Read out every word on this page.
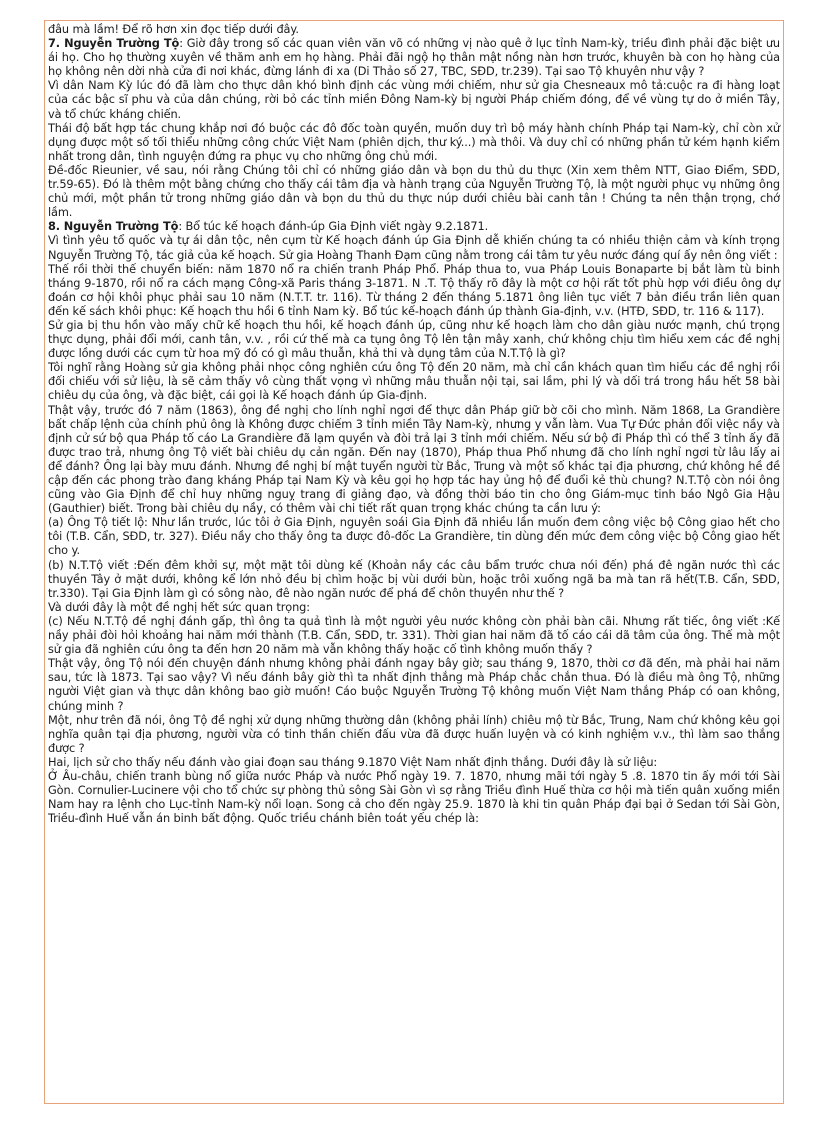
đâu mà lầm! Để rõ hơn xin đọc tiếp dưới đây.

7. Nguyễn Trường Tộ: Giờ đây trong số các quan viên văn võ có những vị nào quê ở lục tỉnh Nam-kỳ, triều đình phải đặc biệt ưu ái họ. Cho họ thường xuyên về thăm anh em họ hàng. Phải đãi ngộ họ thân mật nồng nàn hơn trước, khuyên bà con họ hàng của họ không nên dời nhà cửa đi nơi khác, đừng lánh đi xa (Di Thảo số 27, TBC, SĐD, tr.239). Tại sao Tộ khuyên như vậy ?

Vì dân Nam Kỳ lúc đó đã làm cho thực dân khó bình định các vùng mới chiếm, như sử gia Chesneaux mô tả:cuộc ra đi hàng loạt của các bậc sĩ phu và của dân chúng, rời bỏ các tỉnh miền Đông Nam-kỳ bị người Pháp chiếm đóng, để về vùng tự do ở miền Tây, và tổ chức kháng chiến.

Thái độ bất hợp tác chung khắp nơi đó buộc các đô đốc toàn quyền, muốn duy trì bộ máy hành chính Pháp tại Nam-kỳ, chỉ còn xử dụng được một số tối thiểu những công chức Việt Nam (phiên dịch, thư ký...) mà thôi. Và duy chỉ có những phần tử kém hạnh kiểm nhất trong dân, tình nguyện đứng ra phục vụ cho những ông chủ mới.

Đề-đốc Rieunier, về sau, nói rằng Chúng tôi chỉ có những giáo dân và bọn du thủ du thực (Xin xem thêm NTT, Giao Điểm, SĐD, tr.59-65). Đó là thêm một bằng chứng cho thấy cái tâm địa và hành trạng của Nguyễn Trường Tộ, là một người phục vụ những ông chủ mới, một phần tử trong những giáo dân và bọn du thủ du thực núp dưới chiêu bài canh tân ! Chúng ta nên thận trọng, chớ lầm.

8. Nguyễn Trường Tộ: Bổ túc kế hoạch đánh-úp Gia Định viết ngày 9.2.1871.

Vì tình yêu tổ quốc và tự ái dân tộc, nên cụm từ Kế hoạch đánh úp Gia Định dễ khiến chúng ta có nhiều thiện cảm và kính trọng Nguyễn Trường Tộ, tác giả của kế hoạch. Sử gia Hoàng Thanh Đạm cũng nằm trong cái tâm tư yêu nước đáng quí ấy nên ông viết :

Thế rồi thời thế chuyển biến: năm 1870 nổ ra chiến tranh Pháp Phổ. Pháp thua to, vua Pháp Louis Bonaparte bị bắt làm tù binh tháng 9-1870, rồi nổ ra cách mạng Công-xã Paris tháng 3-1871. N .T. Tộ thấy rõ đây là một cơ hội rất tốt phù hợp với điều ông dự đoán cơ hội khôi phục phải sau 10 năm (N.T.T. tr. 116). Từ tháng 2 đến tháng 5.1871 ông liên tục viết 7 bản điều trần liên quan đến kế sách khôi phục: Kế hoạch thu hồi 6 tỉnh Nam kỳ. Bổ túc kế-hoạch đánh úp thành Gia-định, v.v. (HTĐ, SĐD, tr. 116 & 117).

Sử gia bị thu hồn vào mấy chữ kế hoạch thu hồi, kế hoạch đánh úp, cũng như kế hoạch làm cho dân giàu nước mạnh, chú trọng thực dụng, phải đổi mới, canh tân, v.v. , rồi cứ thế mà ca tụng ông Tộ lên tận mây xanh, chứ không chịu tìm hiểu xem các đề nghị được lồng dưới các cụm từ hoa mỹ đó có gì mâu thuẫn, khả thi và dụng tâm của N.T.Tộ là gì?

Tôi nghĩ rằng Hoàng sử gia không phải nhọc công nghiên cứu ông Tộ đến 20 năm, mà chỉ cần khách quan tìm hiểu các đề nghị rồi đối chiếu với sử liệu, là sẽ cảm thấy vô cùng thất vọng vì những mâu thuẫn nội tại, sai lầm, phi lý và dối trá trong hầu hết 58 bài chiêu dụ của ông, và đặc biệt, cái gọi là Kế hoạch đánh úp Gia-định.

Thật vậy, trước đó 7 năm (1863), ông đề nghị cho lính nghỉ ngơi để thực dân Pháp giữ bờ cõi cho mình. Năm 1868, La Grandière bất chấp lệnh của chính phủ ông là Không được chiếm 3 tỉnh miền Tây Nam-kỳ, nhưng y vẫn làm. Vua Tự Đức phản đối việc nầy và định cử sứ bộ qua Pháp tố cáo La Grandière đã lạm quyền và đòi trả lại 3 tỉnh mới chiếm. Nếu sứ bộ đi Pháp thì có thể 3 tỉnh ấy đã được trao trả, nhưng ông Tộ viết bài chiêu dụ cản ngăn. Đến nay (1870), Pháp thua Phổ nhưng đã cho lính nghỉ ngơi từ lâu lấy ai để đánh? Ông lại bày mưu đánh. Nhưng đề nghị bí mật tuyển người từ Bắc, Trung và một số khác tại địa phương, chứ không hề đề cập đến các phong trào đang kháng Pháp tại Nam Kỳ và kêu gọi họ hợp tác hay ủng hộ để đuổi kẻ thù chung? N.T.Tộ còn nói ông cũng vào Gia Định để chỉ huy những nguỵ trang đi giảng đạo, và đồng thời báo tin cho ông Giám-mục tinh báo Ngô Gia Hậu (Gauthier) biết. Trong bài chiêu dụ nầy, có thêm vài chi tiết rất quan trọng khác chúng ta cần lưu ý:

(a) Ông Tộ tiết lộ: Như lần trước, lúc tôi ở Gia Định, nguyên soái Gia Định đã nhiều lần muốn đem công việc bộ Công giao hết cho tôi (T.B. Cẩn, SĐD, tr. 327). Điều nầy cho thấy ông ta được đô-đốc La Grandière, tin dùng đến mức đem công việc bộ Công giao hết cho y.

(b) N.T.Tộ viết :Đến đêm khởi sự, một mặt tôi dùng kế (Khoản nầy các câu bẩm trước chưa nói đến) phá đê ngăn nước thì các thuyền Tây ở mặt dưới, không kể lớn nhỏ đều bị chìm hoặc bị vùi dưới bùn, hoặc trôi xuống ngã ba mà tan rã hết(T.B. Cẩn, SĐD, tr.330). Tại Gia Định làm gì có sông nào, đê nào ngăn nước để phá để chôn thuyền như thế ?

Và dưới đây là một đề nghị hết sức quan trọng:

(c) Nếu N.T.Tộ đề nghị đánh gấp, thì ông ta quả tình là một người yêu nước không còn phải bàn cãi. Nhưng rất tiếc, ông viết :Kế nầy phải đòi hỏi khoảng hai năm mới thành (T.B. Cẩn, SĐD, tr. 331). Thời gian hai năm đã tố cáo cái dã tâm của ông. Thế mà một sử gia đã nghiên cứu ông ta đến hơn 20 năm mà vẫn không thấy hoặc cố tình không muốn thấy ?

Thật vậy, ông Tộ nói đến chuyện đánh nhưng không phải đánh ngay bây giờ; sau tháng 9, 1870, thời cơ đã đến, mà phải hai năm sau, tức là 1873. Tại sao vậy? Vì nếu đánh bây giờ thì ta nhất định thắng mà Pháp chắc chắn thua. Đó là điều mà ông Tộ, những người Việt gian và thực dân không bao giờ muốn! Cáo buộc Nguyễn Trường Tộ không muốn Việt Nam thắng Pháp có oan không, chúng minh ?

Một, như trên đã nói, ông Tộ đề nghị xử dụng những thường dân (không phải lính) chiêu mộ từ Bắc, Trung, Nam chứ không kêu gọi nghĩa quân tại địa phương, người vừa có tinh thần chiến đấu vừa đã được huấn luyện và có kinh nghiệm v.v., thì làm sao thắng được ?

Hai, lịch sử cho thấy nếu đánh vào giai đoạn sau tháng 9.1870 Việt Nam nhất định thắng. Dưới đây là sử liệu:

Ở Âu-châu, chiến tranh bùng nổ giữa nước Pháp và nước Phổ ngày 19. 7. 1870, nhưng mãi tới ngày 5 .8. 1870 tin ấy mới tới Sài Gòn. Cornulier-Lucinere vội cho tổ chức sự phòng thủ sông Sài Gòn vì sợ rằng Triều đình Huế thừa cơ hội mà tiến quân xuống miền Nam hay ra lệnh cho Lục-tỉnh Nam-kỳ nổi loạn. Song cả cho đến ngày 25.9. 1870 là khi tin quân Pháp đại bại ở Sedan tới Sài Gòn, Triều-đình Huế vẫn án binh bất động. Quốc triều chánh biên toát yếu chép là:
